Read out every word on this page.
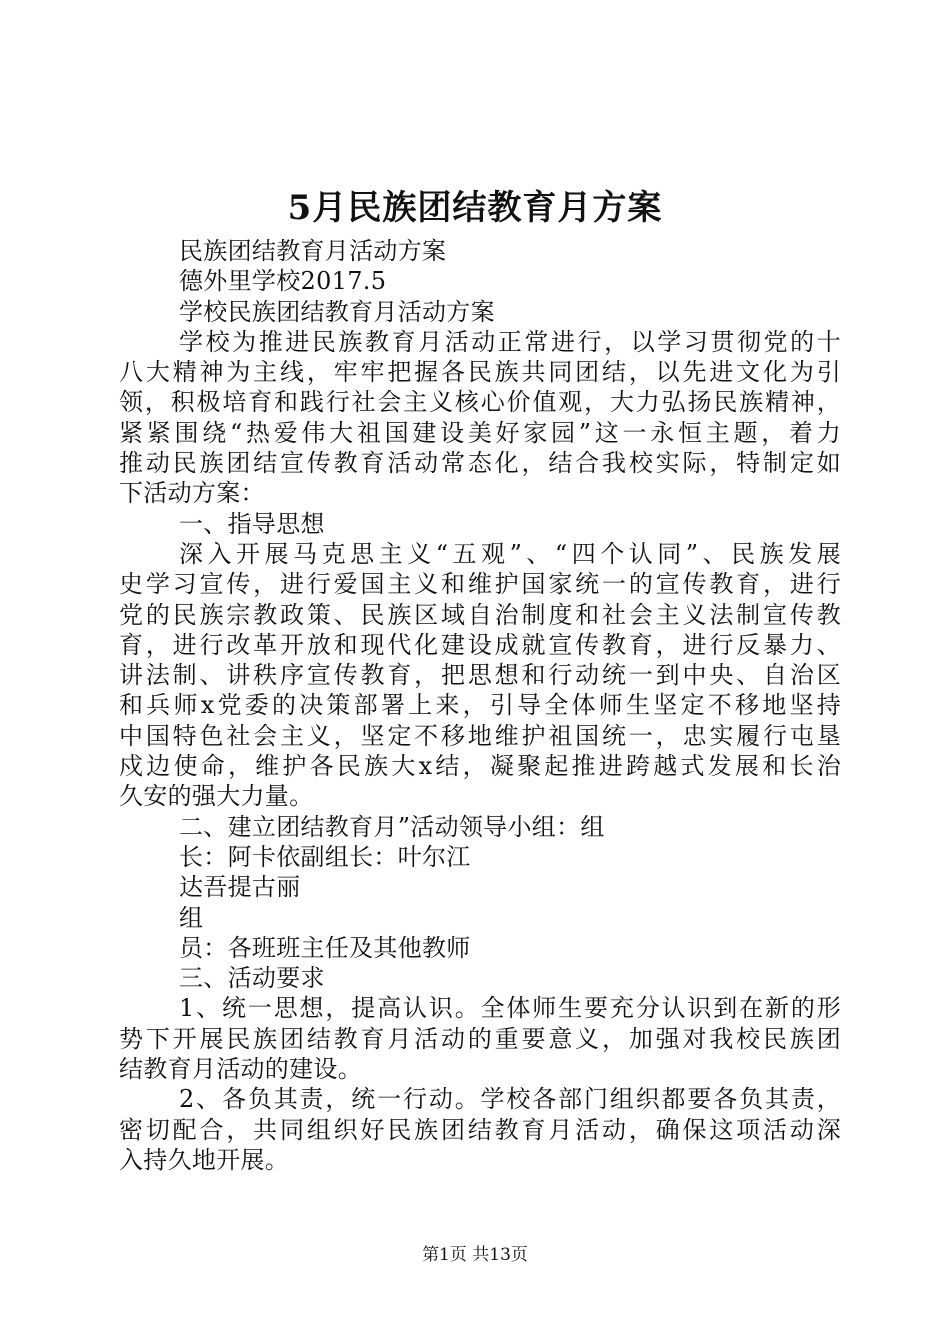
5月民族团结教育月方案
民族团结教育月活动方案
德外里学校2017.5
学校民族团结教育月活动方案
学校为推进民族教育月活动正常进行，以学习贯彻党的十
八大精神为主线，牢牢把握各民族共同团结，以先进文化为引
领，积极培育和践行社会主义核心价值观，大力弘扬民族精神，
紧紧围绕“热爱伟大祖国建设美好家园”这一永恒主题，着力
推动民族团结宣传教育活动常态化，结合我校实际，特制定如
下活动方案：
一、指导思想
深入开展马克思主义“五观”、“四个认同”、民族发展
史学习宣传，进行爱国主义和维护国家统一的宣传教育，进行
党的民族宗教政策、民族区域自治制度和社会主义法制宣传教
育，进行改革开放和现代化建设成就宣传教育，进行反暴力、
讲法制、讲秩序宣传教育，把思想和行动统一到中央、自治区
和兵师x党委的决策部署上来，引导全体师生坚定不移地坚持
中国特色社会主义，坚定不移地维护祖国统一，忠实履行屯垦
戍边使命，维护各民族大x结，凝聚起推进跨越式发展和长治
久安的强大力量。
二、建立团结教育月”活动领导小组：组
长：阿卡依副组长：叶尔江
达吾提古丽
组
员：各班班主任及其他教师
三、活动要求
1、统一思想，提高认识。全体师生要充分认识到在新的形
势下开展民族团结教育月活动的重要意义，加强对我校民族团
结教育月活动的建设。
2、各负其责，统一行动。学校各部门组织都要各负其责，
密切配合，共同组织好民族团结教育月活动，确保这项活动深
入持久地开展。
第1页 共13页
